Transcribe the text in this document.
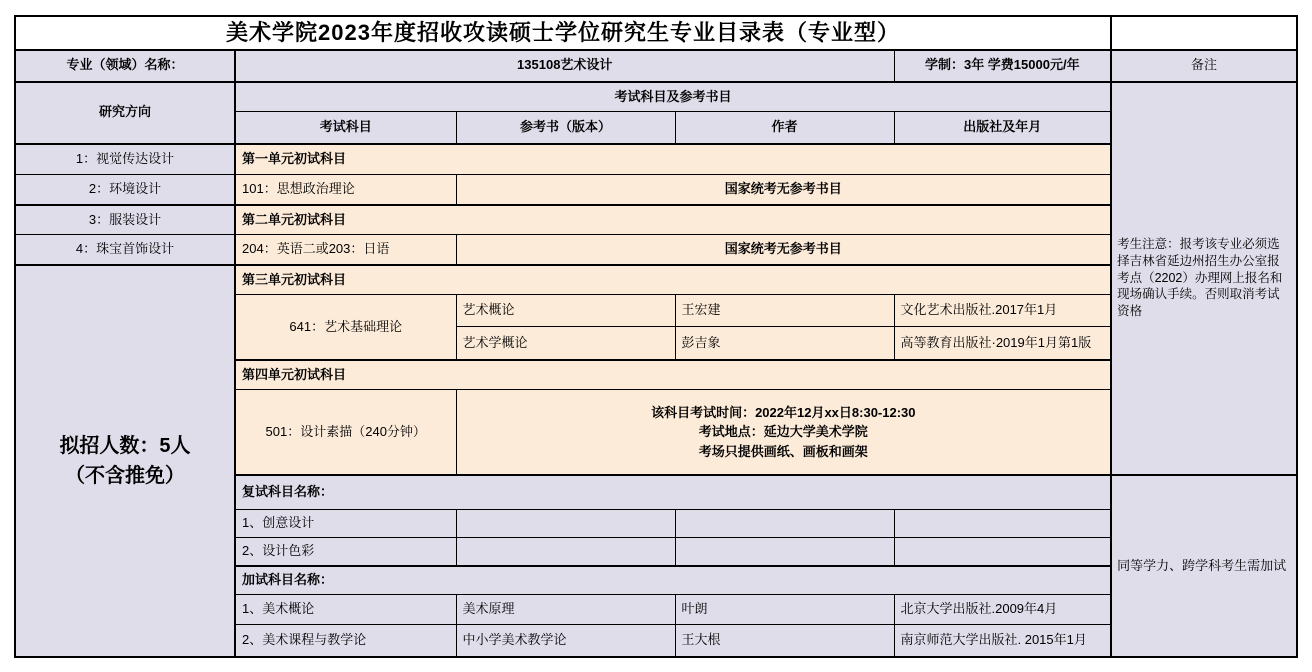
美术学院2023年度招收攻读硕士学位研究生专业目录表（专业型）					
专业（领域）名称：	135108艺术设计			学制：3年 学费15000元/年	备注
研究方向	考试科目及参考书目				考生注意：报考该专业必须选择吉林省延边州招生办公室报考点（2202）办理网上报名和现场确认手续。否则取消考试资格
	考试科目	参考书（版本）	作者	出版社及年月	
1：视觉传达设计	第一单元初试科目				
2：环境设计	101：思想政治理论	国家统考无参考书目			
3：服装设计	第二单元初试科目				
4：珠宝首饰设计	204：英语二或203：日语	国家统考无参考书目			

拟招人数：5人
（不含推免）	第三单元初试科目				
	641：艺术基础理论	艺术概论	王宏建	文化艺术出版社.2017年1月	
		艺术学概论	彭吉象	高等教育出版社·2019年1月第1版	
	第四单元初试科目				
	501：设计素描（240分钟）	该科目考试时间：2022年12月xx日8:30-12:30
考试地点：延边大学美术学院
考场只提供画纸、画板和画架			

	复试科目名称：				同等学力、跨学科考生需加试
	1、创意设计				
	2、设计色彩				
	加试科目名称：				
	1、美术概论	美术原理	叶朗	北京大学出版社.2009年4月	
	2、美术课程与教学论	中小学美术教学论	王大根	南京师范大学出版社. 2015年1月	
